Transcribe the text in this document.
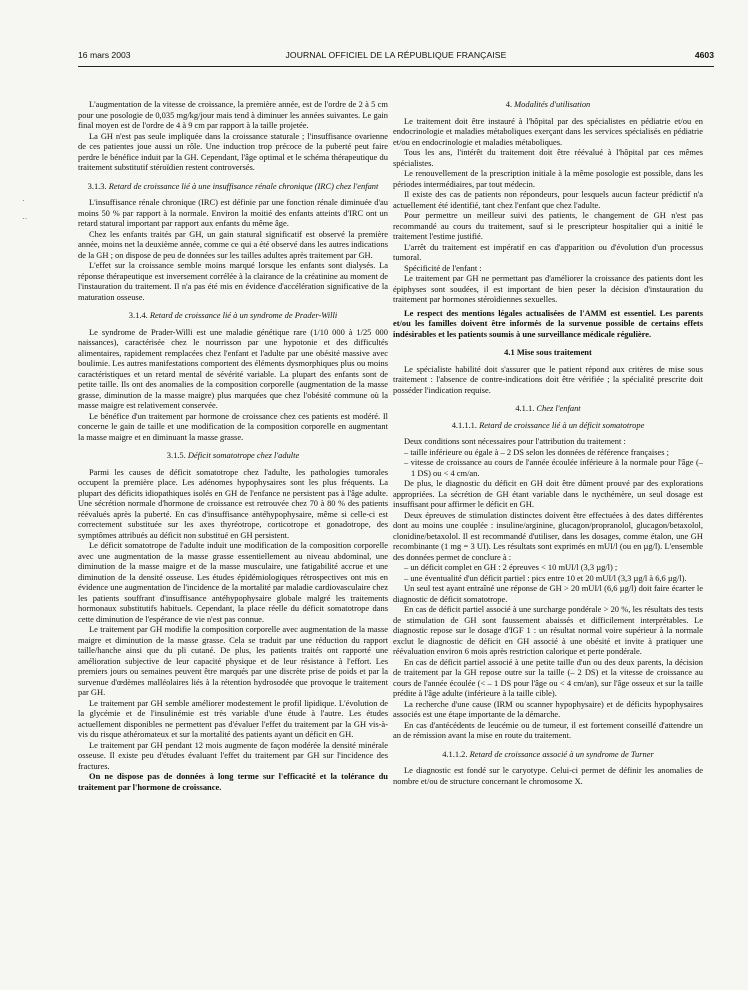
16 mars 2003	JOURNAL OFFICIEL DE LA RÉPUBLIQUE FRANÇAISE	4603
·
··

L'augmentation de la vitesse de croissance, la première année, est de l'ordre de 2 à 5 cm pour une posologie de 0,035 mg/kg/jour mais tend à diminuer les années suivantes. Le gain final moyen est de l'ordre de 4 à 9 cm par rapport à la taille projetée.

La GH n'est pas seule impliquée dans la croissance staturale ; l'insuffisance ovarienne de ces patientes joue aussi un rôle. Une induction trop précoce de la puberté peut faire perdre le bénéfice induit par la GH. Cependant, l'âge optimal et le schéma thérapeutique du traitement substitutif stéroïdien restent controversés.

3.1.3. Retard de croissance lié à une insuffisance rénale chronique (IRC) chez l'enfant

L'insuffisance rénale chronique (IRC) est définie par une fonction rénale diminuée d'au moins 50 % par rapport à la normale. Environ la moitié des enfants atteints d'IRC ont un retard statural important par rapport aux enfants du même âge.

Chez les enfants traités par GH, un gain statural significatif est observé la première année, moins net la deuxième année, comme ce qui a été observé dans les autres indications de la GH ; on dispose de peu de données sur les tailles adultes après traitement par GH.

L'effet sur la croissance semble moins marqué lorsque les enfants sont dialysés. La réponse thérapeutique est inversement corrélée à la clairance de la créatinine au moment de l'instauration du traitement. Il n'a pas été mis en évidence d'accélération significative de la maturation osseuse.

3.1.4. Retard de croissance lié à un syndrome de Prader-Willi

Le syndrome de Prader-Willi est une maladie génétique rare (1/10 000 à 1/25 000 naissances), caractérisée chez le nourrisson par une hypotonie et des difficultés alimentaires, rapidement remplacées chez l'enfant et l'adulte par une obésité massive avec boulimie. Les autres manifestations comportent des éléments dysmorphiques plus ou moins caractéristiques et un retard mental de sévérité variable. La plupart des enfants sont de petite taille. Ils ont des anomalies de la composition corporelle (augmentation de la masse grasse, diminution de la masse maigre) plus marquées que chez l'obésité commune où la masse maigre est relativement conservée.

Le bénéfice d'un traitement par hormone de croissance chez ces patients est modéré. Il concerne le gain de taille et une modification de la composition corporelle en augmentant la masse maigre et en diminuant la masse grasse.

3.1.5. Déficit somatotrope chez l'adulte

Parmi les causes de déficit somatotrope chez l'adulte, les pathologies tumorales occupent la première place. Les adénomes hypophysaires sont les plus fréquents. La plupart des déficits idiopathiques isolés en GH de l'enfance ne persistent pas à l'âge adulte. Une sécrétion normale d'hormone de croissance est retrouvée chez 70 à 80 % des patients réévalués après la puberté. En cas d'insuffisance antéhypophysaire, même si celle-ci est correctement substituée sur les axes thyréotrope, corticotrope et gonadotrope, des symptômes attribués au déficit non substitué en GH persistent.

Le déficit somatotrope de l'adulte induit une modification de la composition corporelle avec une augmentation de la masse grasse essentiellement au niveau abdominal, une diminution de la masse maigre et de la masse musculaire, une fatigabilité accrue et une diminution de la densité osseuse. Les études épidémiologiques rétrospectives ont mis en évidence une augmentation de l'incidence de la mortalité par maladie cardiovasculaire chez les patients souffrant d'insuffisance antéhypophysaire globale malgré les traitements hormonaux substitutifs habituels. Cependant, la place réelle du déficit somatotrope dans cette diminution de l'espérance de vie n'est pas connue.

Le traitement par GH modifie la composition corporelle avec augmentation de la masse maigre et diminution de la masse grasse. Cela se traduit par une réduction du rapport taille/hanche ainsi que du pli cutané. De plus, les patients traités ont rapporté une amélioration subjective de leur capacité physique et de leur résistance à l'effort. Les premiers jours ou semaines peuvent être marqués par une discrète prise de poids et par la survenue d'œdèmes malléolaires liés à la rétention hydrosodée que provoque le traitement par GH.

Le traitement par GH semble améliorer modestement le profil lipidique. L'évolution de la glycémie et de l'insulinémie est très variable d'une étude à l'autre. Les études actuellement disponibles ne permettent pas d'évaluer l'effet du traitement par la GH vis-à-vis du risque athéromateux et sur la mortalité des patients ayant un déficit en GH.

Le traitement par GH pendant 12 mois augmente de façon modérée la densité minérale osseuse. Il existe peu d'études évaluant l'effet du traitement par GH sur l'incidence des fractures.

On ne dispose pas de données à long terme sur l'efficacité et la tolérance du traitement par l'hormone de croissance.

4. Modalités d'utilisation

Le traitement doit être instauré à l'hôpital par des spécialistes en pédiatrie et/ou en endocrinologie et maladies métaboliques exerçant dans les services spécialisés en pédiatrie et/ou en endocrinologie et maladies métaboliques.

Tous les ans, l'intérêt du traitement doit être réévalué à l'hôpital par ces mêmes spécialistes.

Le renouvellement de la prescription initiale à la même posologie est possible, dans les périodes intermédiaires, par tout médecin.

Il existe des cas de patients non répondeurs, pour lesquels aucun facteur prédictif n'a actuellement été identifié, tant chez l'enfant que chez l'adulte.

Pour permettre un meilleur suivi des patients, le changement de GH n'est pas recommandé au cours du traitement, sauf si le prescripteur hospitalier qui a initié le traitement l'estime justifié.

L'arrêt du traitement est impératif en cas d'apparition ou d'évolution d'un processus tumoral.

Spécificité de l'enfant :

Le traitement par GH ne permettant pas d'améliorer la croissance des patients dont les épiphyses sont soudées, il est important de bien peser la décision d'instauration du traitement par hormones stéroïdiennes sexuelles.

Le respect des mentions légales actualisées de l'AMM est essentiel. Les parents et/ou les familles doivent être informés de la survenue possible de certains effets indésirables et les patients soumis à une surveillance médicale régulière.

4.1 Mise sous traitement

Le spécialiste habilité doit s'assurer que le patient répond aux critères de mise sous traitement : l'absence de contre-indications doit être vérifiée ; la spécialité prescrite doit posséder l'indication requise.

4.1.1. Chez l'enfant
4.1.1.1. Retard de croissance lié à un déficit somatotrope

Deux conditions sont nécessaires pour l'attribution du traitement :

– taille inférieure ou égale à – 2 DS selon les données de référence françaises ;
– vitesse de croissance au cours de l'année écoulée inférieure à la normale pour l'âge (– 1 DS) ou < 4 cm/an.

De plus, le diagnostic du déficit en GH doit être dûment prouvé par des explorations appropriées. La sécrétion de GH étant variable dans le nycthémère, un seul dosage est insuffisant pour affirmer le déficit en GH.

Deux épreuves de stimulation distinctes doivent être effectuées à des dates différentes dont au moins une couplée : insuline/arginine, glucagon/propranolol, glucagon/betaxolol, clonidine/betaxolol. Il est recommandé d'utiliser, dans les dosages, comme étalon, une GH recombinante (1 mg = 3 UI). Les résultats sont exprimés en mUI/l (ou en µg/l). L'ensemble des données permet de conclure à :

– un déficit complet en GH : 2 épreuves < 10 mUI/l (3,3 µg/l) ;
– une éventualité d'un déficit partiel : pics entre 10 et 20 mUI/l (3,3 µg/l à 6,6 µg/l).

Un seul test ayant entraîné une réponse de GH > 20 mUI/l (6,6 µg/l) doit faire écarter le diagnostic de déficit somatotrope.

En cas de déficit partiel associé à une surcharge pondérale > 20 %, les résultats des tests de stimulation de GH sont faussement abaissés et difficilement interprétables. Le diagnostic repose sur le dosage d'IGF 1 : un résultat normal voire supérieur à la normale exclut le diagnostic de déficit en GH associé à une obésité et invite à pratiquer une réévaluation environ 6 mois après restriction calorique et perte pondérale.

En cas de déficit partiel associé à une petite taille d'un ou des deux parents, la décision de traitement par la GH repose outre sur la taille (– 2 DS) et la vitesse de croissance au cours de l'année écoulée (< – 1 DS pour l'âge ou < 4 cm/an), sur l'âge osseux et sur la taille prédite à l'âge adulte (inférieure à la taille cible).

La recherche d'une cause (IRM ou scanner hypophysaire) et de déficits hypophysaires associés est une étape importante de la démarche.

En cas d'antécédents de leucémie ou de tumeur, il est fortement conseillé d'attendre un an de rémission avant la mise en route du traitement.

4.1.1.2. Retard de croissance associé à un syndrome de Turner

Le diagnostic est fondé sur le caryotype. Celui-ci permet de définir les anomalies de nombre et/ou de structure concernant le chromosome X.
